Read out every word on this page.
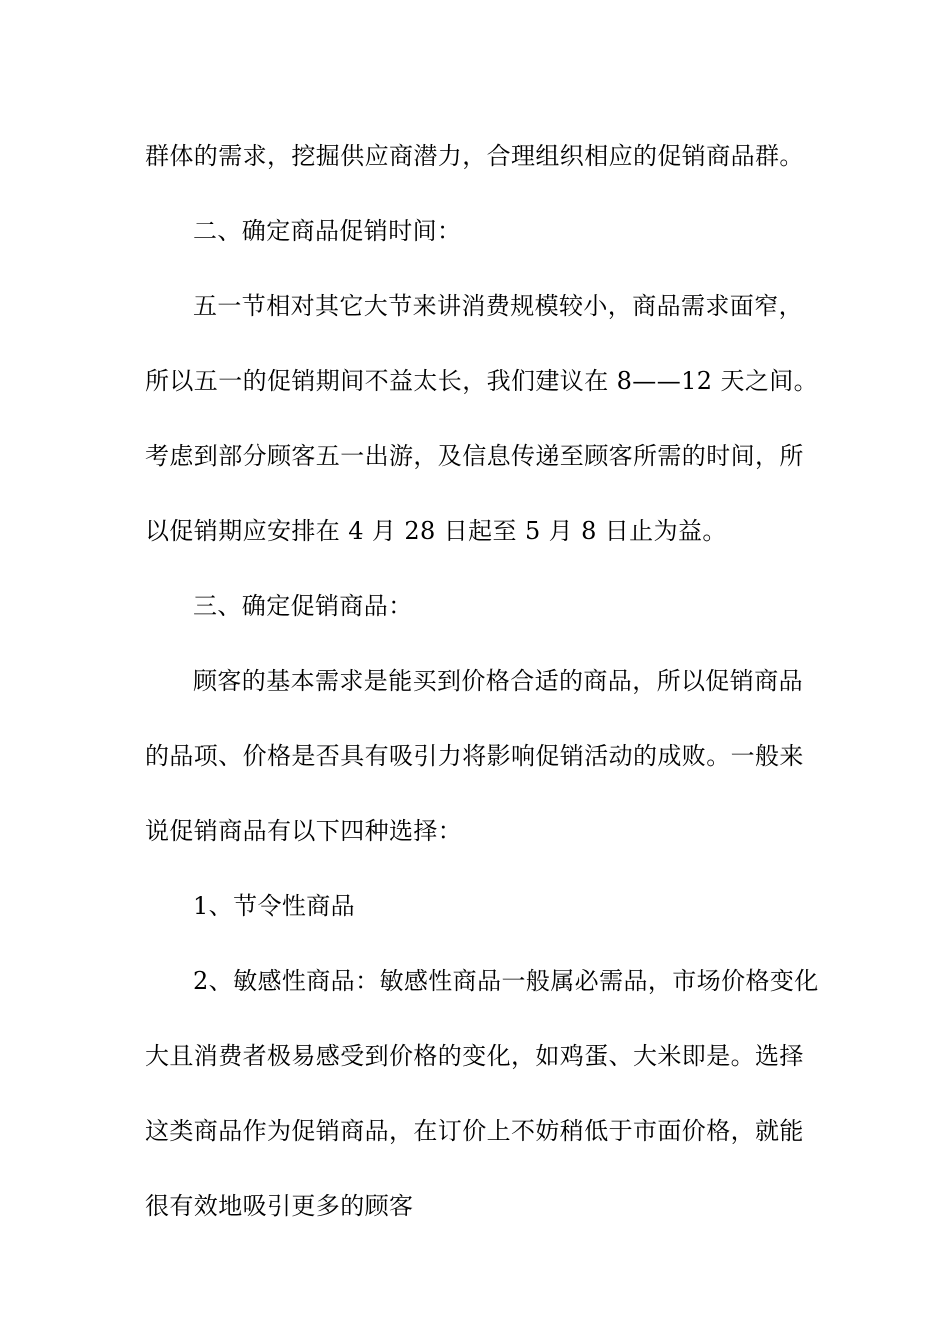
群体的需求，挖掘供应商潜力，合理组织相应的促销商品群。
二、确定商品促销时间：
五一节相对其它大节来讲消费规模较小，商品需求面窄，
所以五一的促销期间不益太长，我们建议在 8——12 天之间。
考虑到部分顾客五一出游，及信息传递至顾客所需的时间，所
以促销期应安排在 4 月 28 日起至 5 月 8 日止为益。
三、确定促销商品：
顾客的基本需求是能买到价格合适的商品，所以促销商品
的品项、价格是否具有吸引力将影响促销活动的成败。一般来
说促销商品有以下四种选择：
1、节令性商品
2、敏感性商品：敏感性商品一般属必需品，市场价格变化
大且消费者极易感受到价格的变化，如鸡蛋、大米即是。选择
这类商品作为促销商品，在订价上不妨稍低于市面价格，就能
很有效地吸引更多的顾客
